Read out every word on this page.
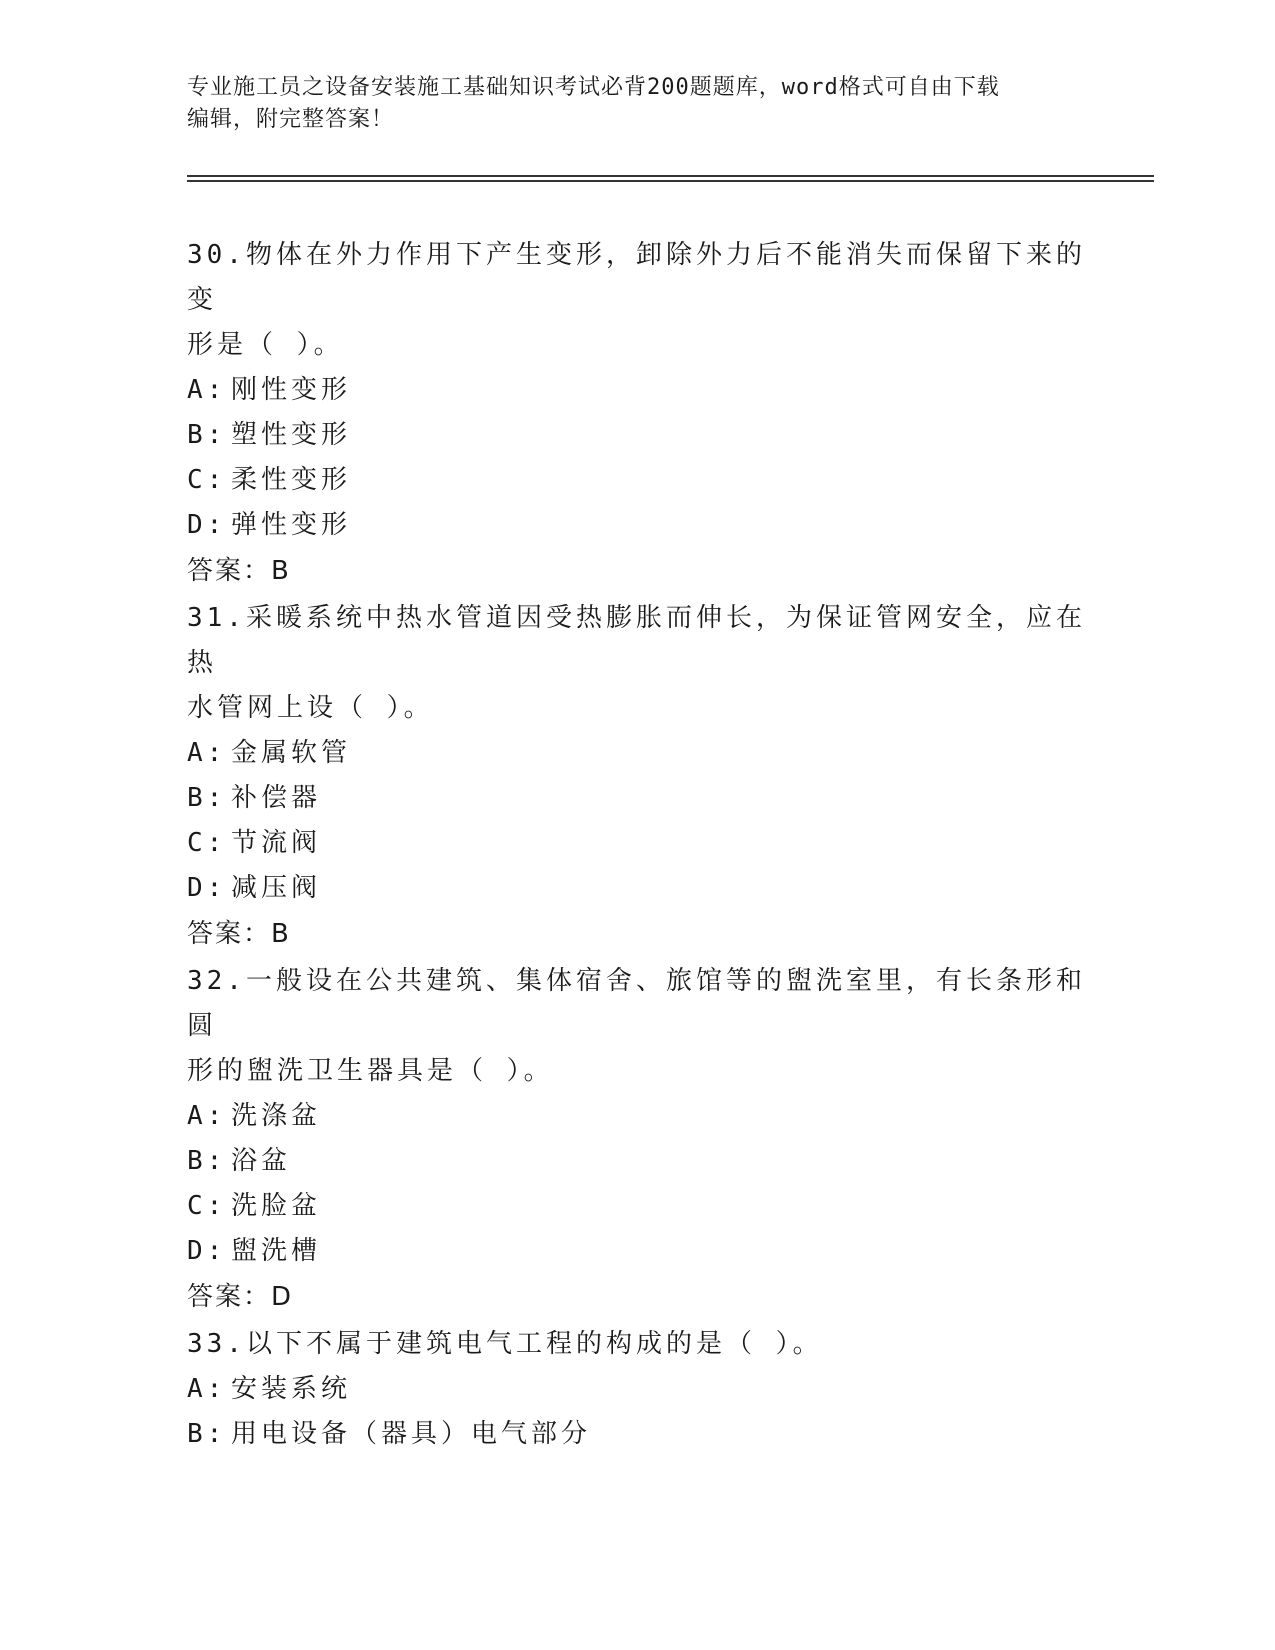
专业施工员之设备安装施工基础知识考试必背200题题库，word格式可自由下载
编辑，附完整答案！

30.物体在外力作用下产生变形，卸除外力后不能消失而保留下来的变

形是（ ）。

A: 刚性变形

B: 塑性变形

C: 柔性变形

D: 弹性变形

答案：B

31.采暖系统中热水管道因受热膨胀而伸长，为保证管网安全，应在热

水管网上设（ ）。

A: 金属软管

B: 补偿器

C: 节流阀

D: 减压阀

答案：B

32.一般设在公共建筑、集体宿舍、旅馆等的盥洗室里，有长条形和圆

形的盥洗卫生器具是（ ）。

A: 洗涤盆

B: 浴盆

C: 洗脸盆

D: 盥洗槽

答案：D

33.以下不属于建筑电气工程的构成的是（ ）。

A: 安装系统

B: 用电设备（器具）电气部分
